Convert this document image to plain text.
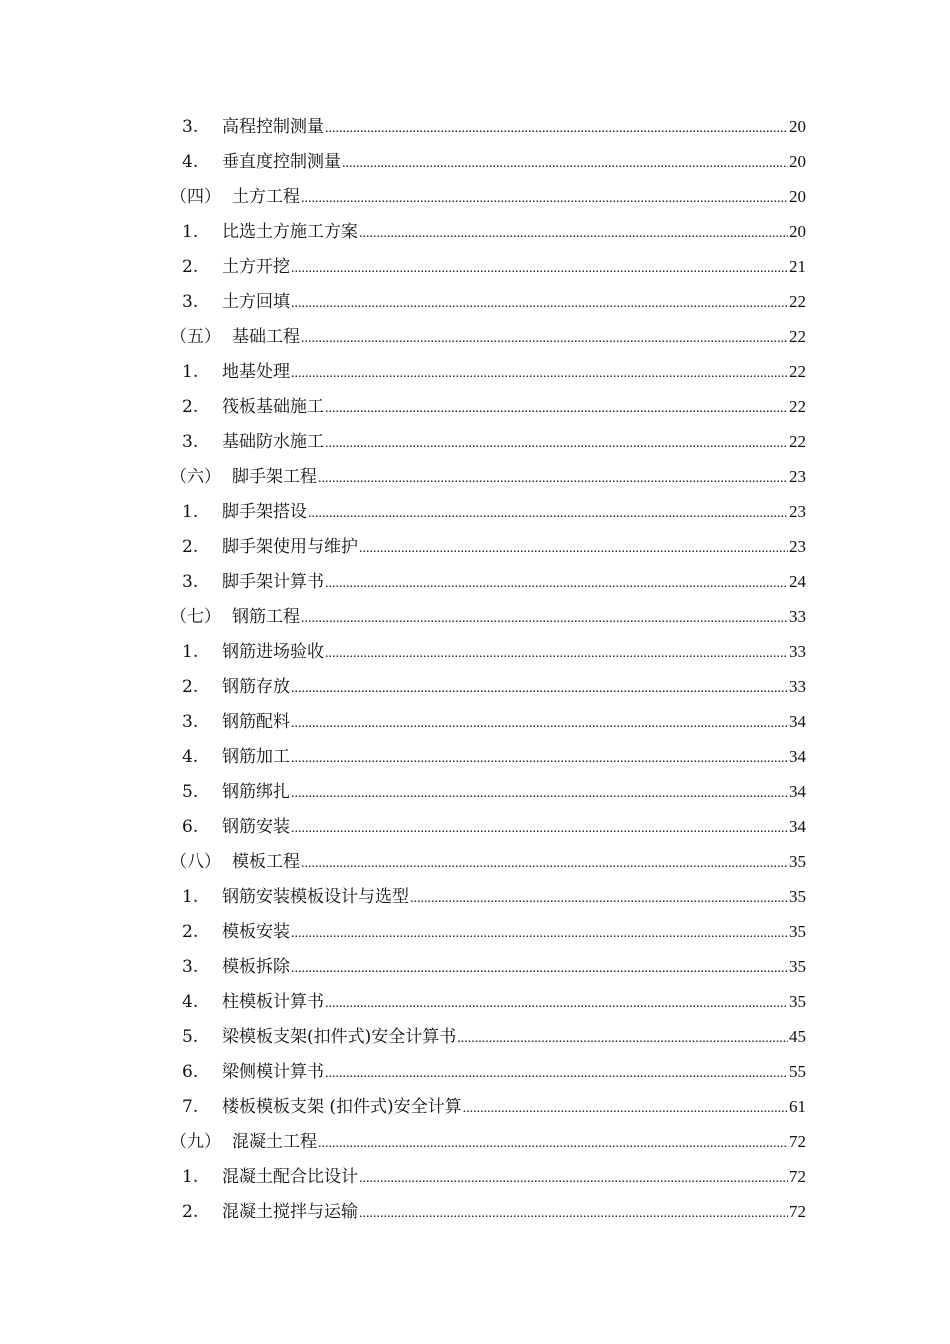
3.	高程控制测量 .....	20
4.	垂直度控制测量 .....	20
（四） 土方工程 .....	20
1.	比选土方施工方案 .....	20
2.	土方开挖 .....	21
3.	土方回填 .....	22
（五） 基础工程 .....	22
1.	地基处理 .....	22
2.	筏板基础施工 .....	22
3.	基础防水施工 .....	22
（六） 脚手架工程 .....	23
1.	脚手架搭设 .....	23
2.	脚手架使用与维护 .....	23
3.	脚手架计算书 .....	24
（七） 钢筋工程 .....	33
1.	钢筋进场验收 .....	33
2.	钢筋存放 .....	33
3.	钢筋配料 .....	34
4.	钢筋加工 .....	34
5.	钢筋绑扎 .....	34
6.	钢筋安装 .....	34
（八） 模板工程 .....	35
1.	钢筋安装模板设计与选型 .....	35
2.	模板安装 .....	35
3.	模板拆除 .....	35
4.	柱模板计算书 .....	35
5.	梁模板支架(扣件式)安全计算书 .....	45
6.	梁侧模计算书 .....	55
7.	楼板模板支架 (扣件式)安全计算 .....	61
（九） 混凝土工程 .....	72
1.	混凝土配合比设计 .....	72
2.	混凝土搅拌与运输 .....	72
